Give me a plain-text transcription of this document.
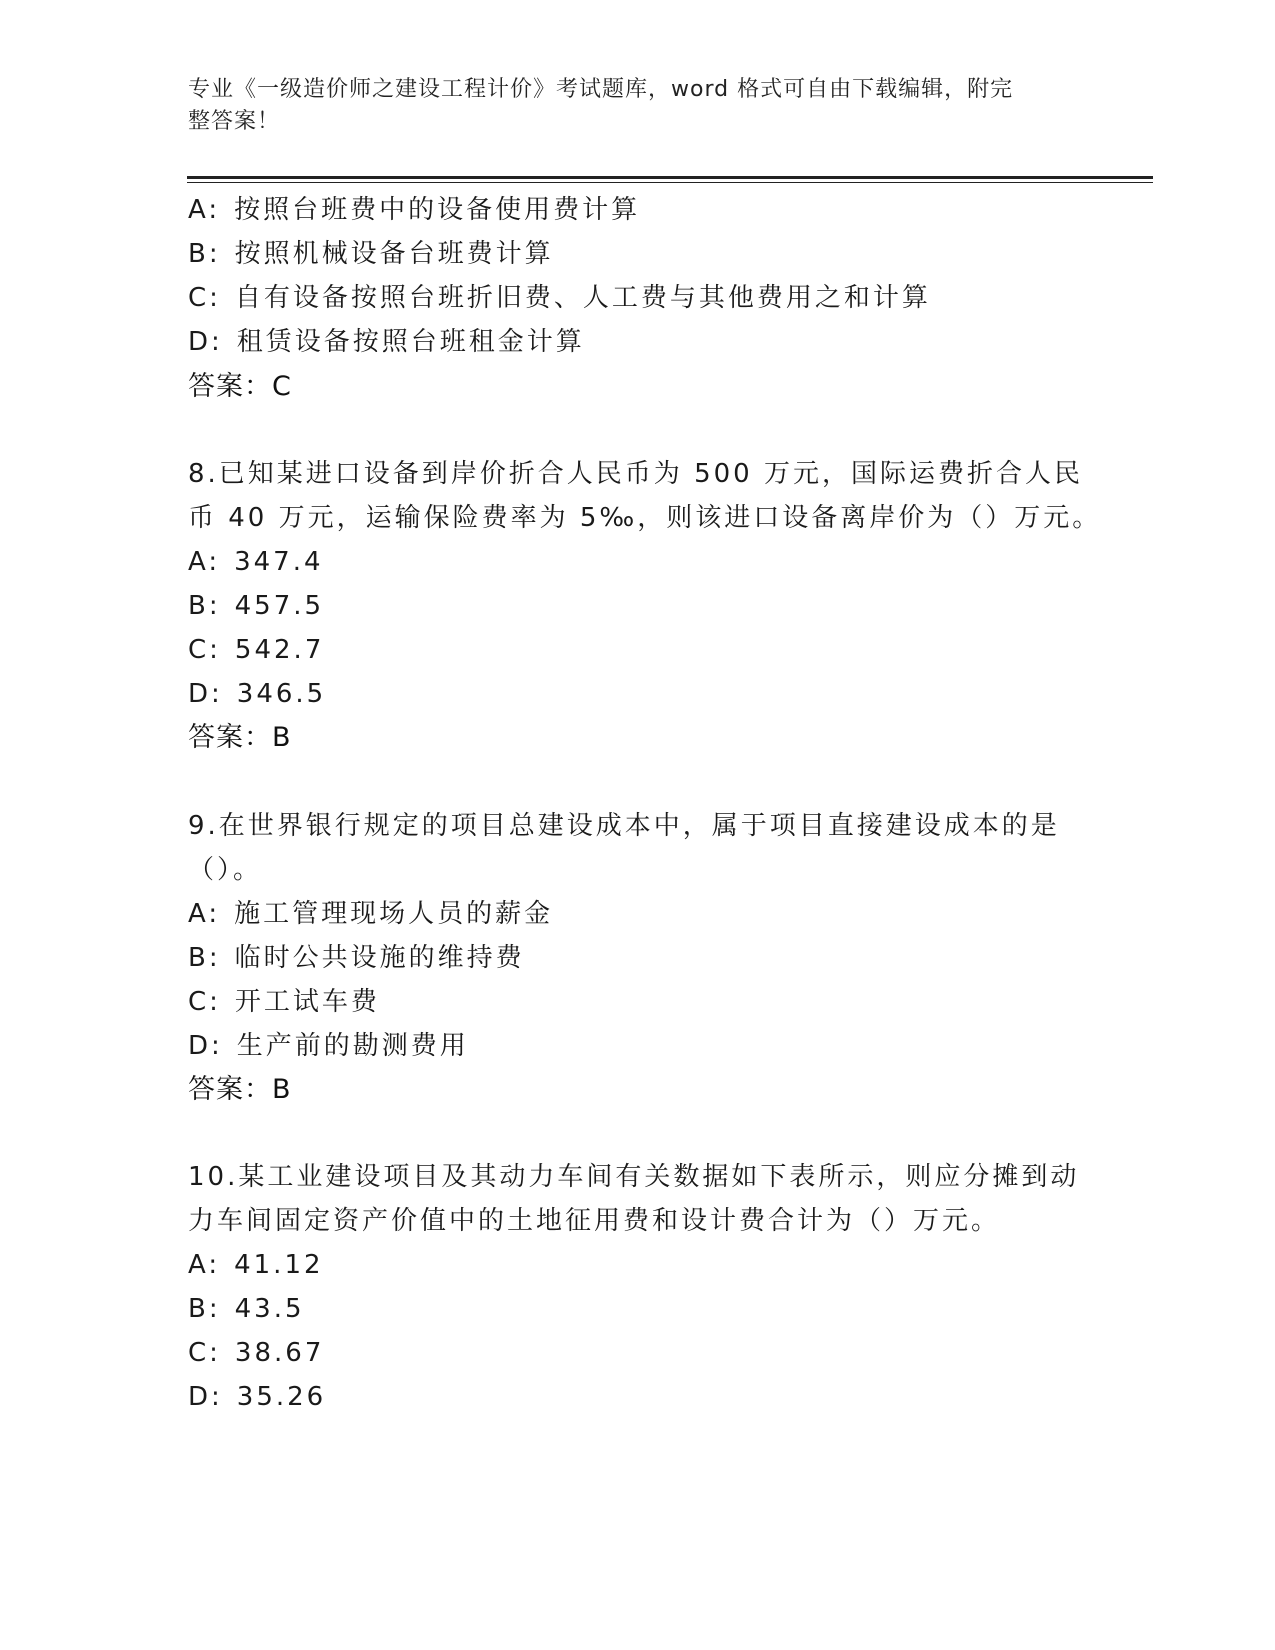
专业《一级造价师之建设工程计价》考试题库，word 格式可自由下载编辑，附完
整答案！
A: 按照台班费中的设备使用费计算
B: 按照机械设备台班费计算
C: 自有设备按照台班折旧费、人工费与其他费用之和计算
D: 租赁设备按照台班租金计算
答案：C
8.已知某进口设备到岸价折合人民币为 500 万元，国际运费折合人民
币 40 万元，运输保险费率为 5‰，则该进口设备离岸价为（）万元。
A: 347.4
B: 457.5
C: 542.7
D: 346.5
答案：B
9.在世界银行规定的项目总建设成本中，属于项目直接建设成本的是
（）。
A: 施工管理现场人员的薪金
B: 临时公共设施的维持费
C: 开工试车费
D: 生产前的勘测费用
答案：B
10.某工业建设项目及其动力车间有关数据如下表所示，则应分摊到动
力车间固定资产价值中的土地征用费和设计费合计为（）万元。
A: 41.12
B: 43.5
C: 38.67
D: 35.26
